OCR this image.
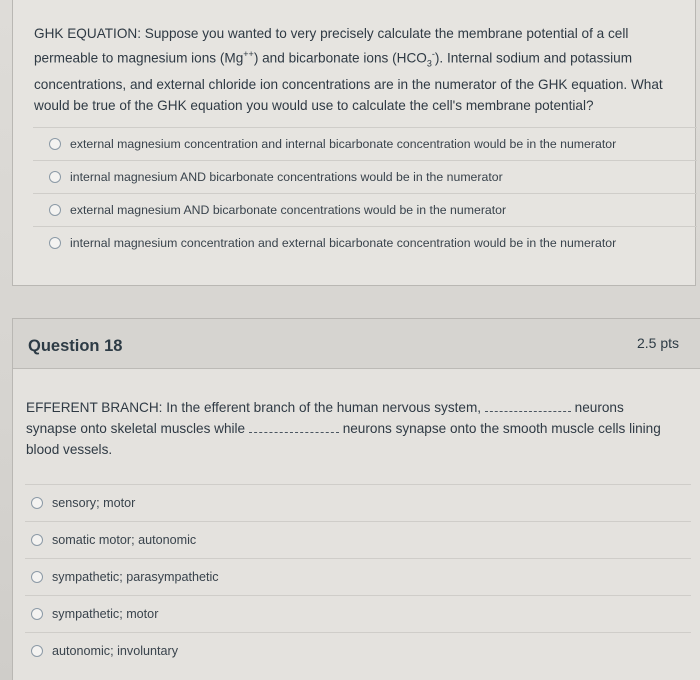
GHK EQUATION: Suppose you wanted to very precisely calculate the membrane potential of a cell permeable to magnesium ions (Mg++) and bicarbonate ions $(HCO_3^-)$. Internal sodium and potassium concentrations, and external chloride ion concentrations are in the numerator of the GHK equation. What would be true of the GHK equation you would use to calculate the cell's membrane potential?
external magnesium concentration and internal bicarbonate concentration would be in the numerator
internal magnesium AND bicarbonate concentrations would be in the numerator
external magnesium AND bicarbonate concentrations would be in the numerator
internal magnesium concentration and external bicarbonate concentration would be in the numerator
Question 18	2.5 pts
EFFERENT BRANCH: In the efferent branch of the human nervous system,	neurons synapse onto skeletal muscles while	neurons synapse onto the smooth muscle cells lining blood vessels.
sensory; motor
somatic motor; autonomic
sympathetic; parasympathetic
sympathetic; motor
autonomic; involuntary
